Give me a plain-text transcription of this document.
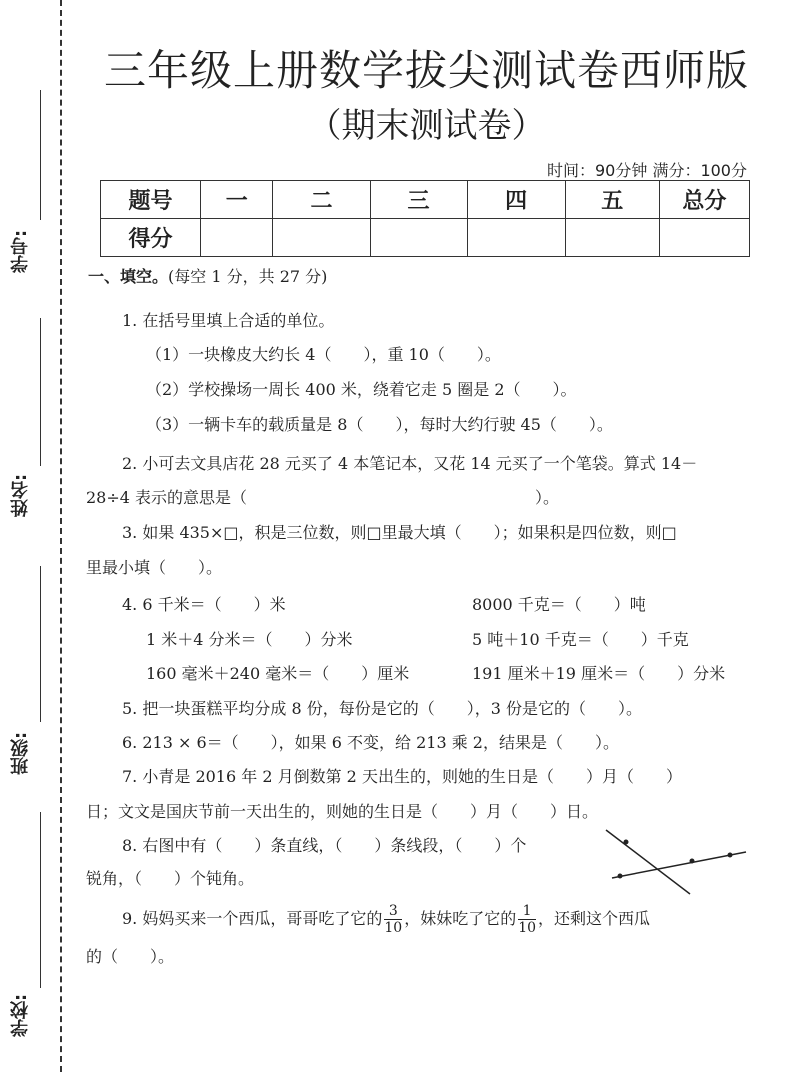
学号:
姓名:
班级:
学校:
三年级上册数学拔尖测试卷西师版
（期末测试卷）
时间：90分钟 满分：100分
题号	一	二	三	四	五	总分
得分						
一、填空。(每空 1 分，共 27 分)
1. 在括号里填上合适的单位。
（1）一块橡皮大约长 4（　　），重 10（　　）。
（2）学校操场一周长 400 米，绕着它走 5 圈是 2（　　）。
（3）一辆卡车的载质量是 8（　　），每时大约行驶 45（　　）。
2. 小可去文具店花 28 元买了 4 本笔记本，又花 14 元买了一个笔袋。算式 14－
28÷4 表示的意思是（　　　　　　　　　　　　　　　　　　）。
3. 如果 435×□，积是三位数，则□里最大填（　　）；如果积是四位数，则□
里最小填（　　）。
4. 6 千米＝（　　）米	8000 千克＝（　　）吨
1 米＋4 分米＝（　　）分米	5 吨＋10 千克＝（　　）千克
160 毫米＋240 毫米＝（　　）厘米	191 厘米＋19 厘米＝（　　）分米
5. 把一块蛋糕平均分成 8 份，每份是它的（　　），3 份是它的（　　）。
6. 213 × 6＝（　　），如果 6 不变，给 213 乘 2，结果是（　　）。
7. 小青是 2016 年 2 月倒数第 2 天出生的，则她的生日是（　　）月（　　）
日；文文是国庆节前一天出生的，则她的生日是（　　）月（　　）日。
8. 右图中有（　　）条直线，（　　）条线段，（　　）个
锐角，（　　）个钝角。
9. 妈妈买来一个西瓜，哥哥吃了它的 $\frac{3}{10}$ ，妹妹吃了它的 $\frac{1}{10}$ ，还剩这个西瓜
的（　　）。
